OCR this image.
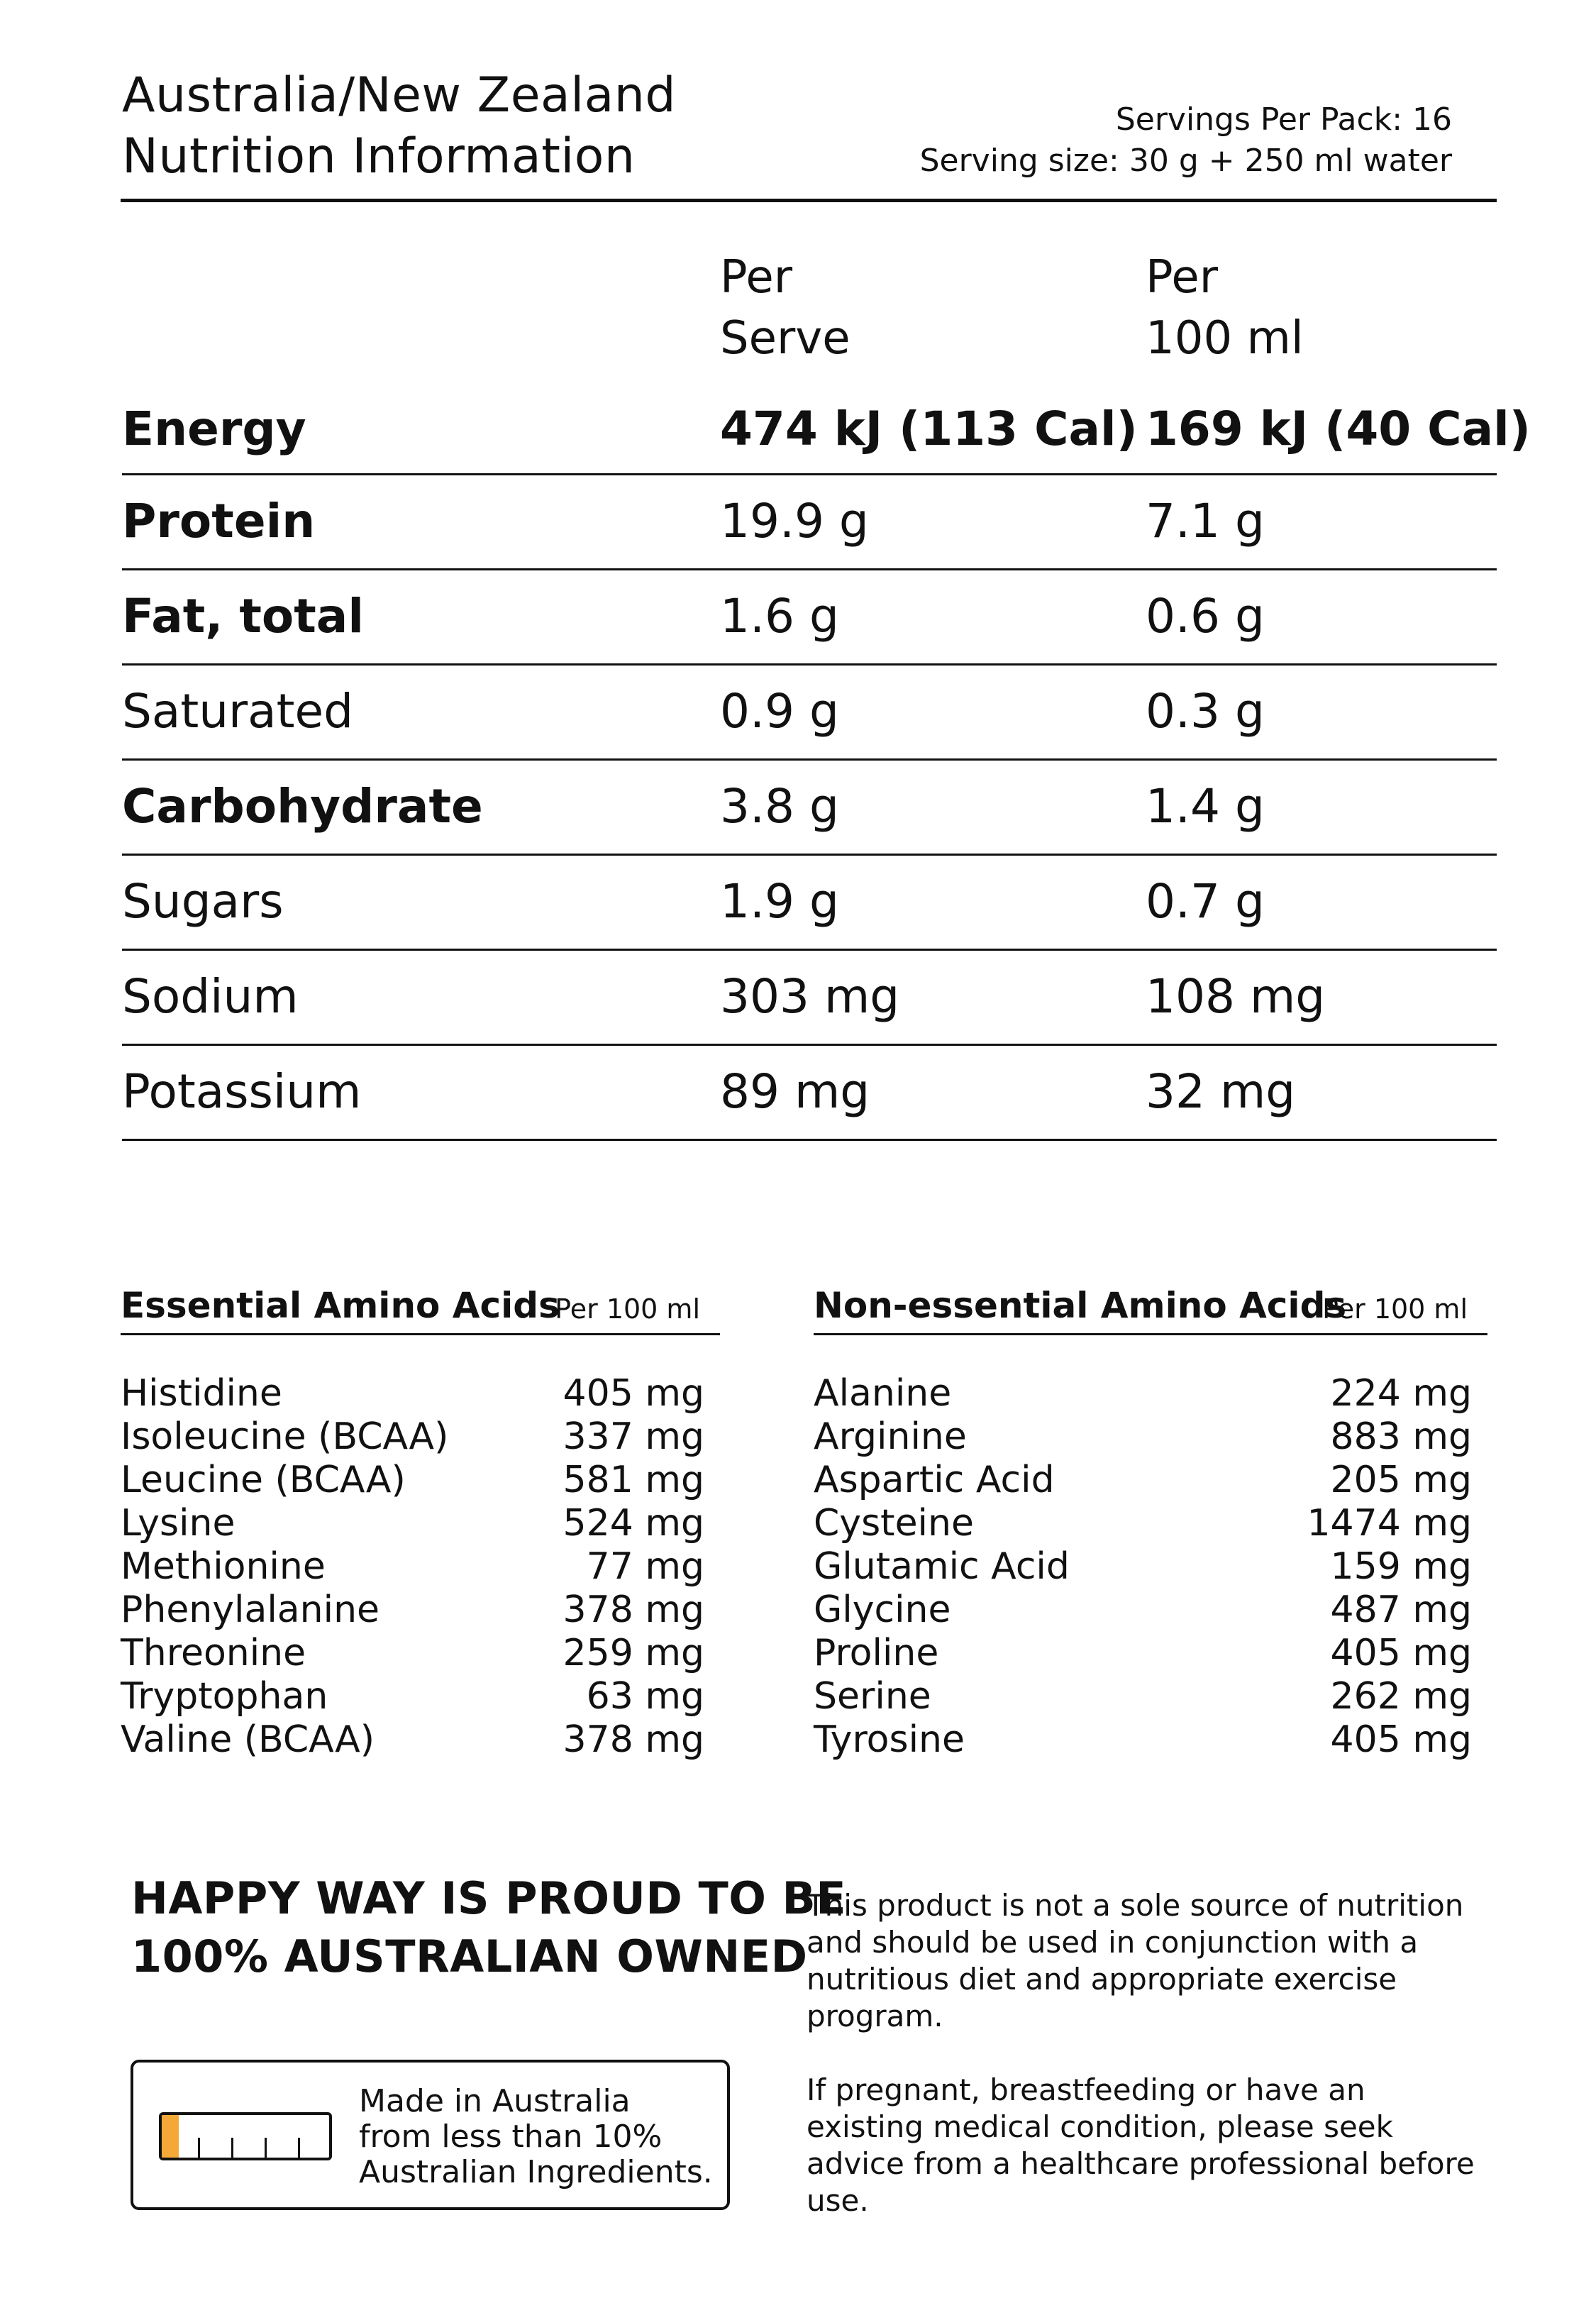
Australia/New Zealand
Nutrition Information
Servings Per Pack: 16
Serving size: 30 g + 250 ml water
Per
Serve
Per
100 ml
Energy	474 kJ (113 Cal) 169 kJ (40 Cal)
Protein	19.9 g	7.1 g
Fat, total	1.6 g	0.6 g
Saturated	0.9 g	0.3 g
Carbohydrate	3.8 g	1.4 g
Sugars	1.9 g	0.7 g
Sodium	303 mg	108 mg
Potassium	89 mg	32 mg
Essential Amino Acids
Per 100 ml
Histidine	405 mg
Isoleucine (BCAA)	337 mg
Leucine (BCAA)	581 mg
Lysine	524 mg
Methionine	77 mg
Phenylalanine	378 mg
Threonine	259 mg
Tryptophan	63 mg
Valine (BCAA)	378 mg
Non-essential Amino Acids
Per 100 ml
Alanine	224 mg
Arginine	883 mg
Aspartic Acid	205 mg
Cysteine	1474 mg
Glutamic Acid	159 mg
Glycine	487 mg
Proline	405 mg
Serine	262 mg
Tyrosine	405 mg
HAPPY WAY IS PROUD TO BE
100% AUSTRALIAN OWNED
Made in Australia
from less than 10%
Australian Ingredients.

This product is not a sole source of nutrition and should be used in conjunction with a nutritious diet and appropriate exercise program.

If pregnant, breastfeeding or have an existing medical condition, please seek advice from a healthcare professional before use.
